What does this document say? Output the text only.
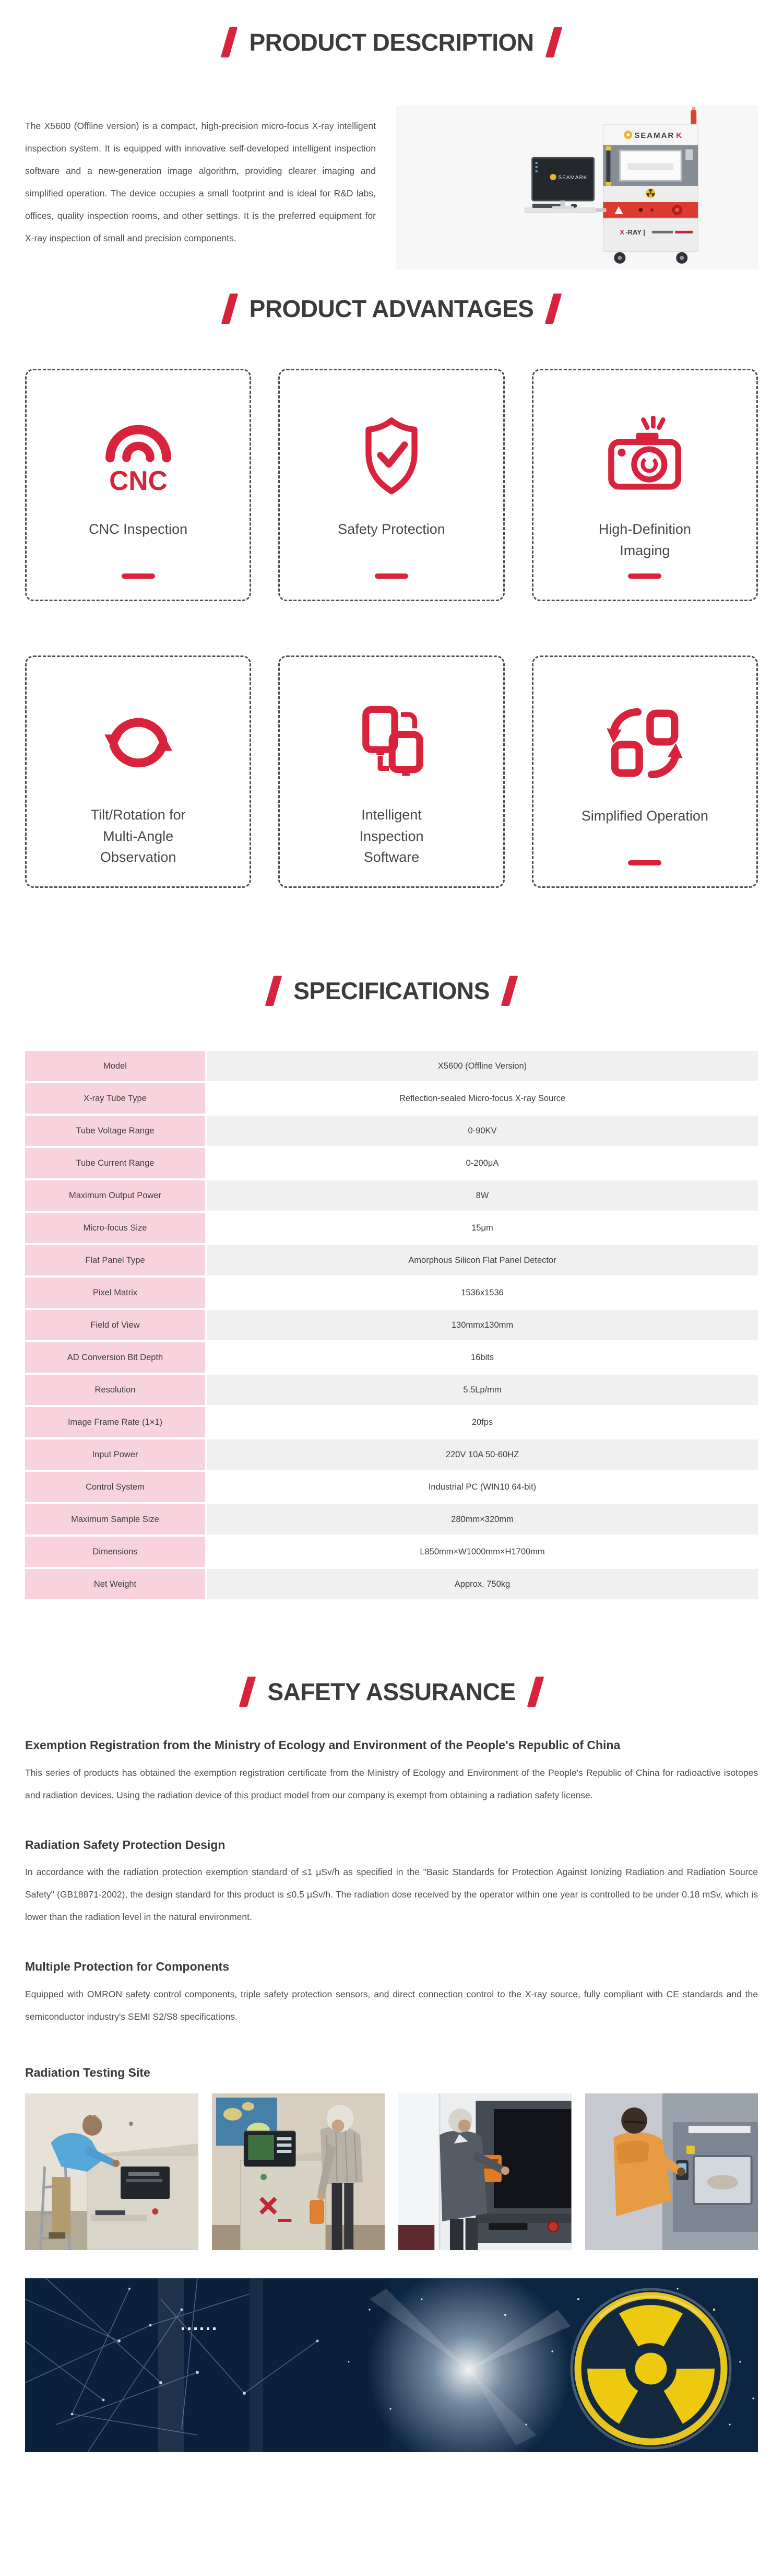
PRODUCT DESCRIPTION

The X5600 (Offline version) is a compact, high-precision micro-focus X-ray intelligent inspection system. It is equipped with innovative self-developed intelligent inspection software and a new-generation image algorithm, providing clearer imaging and simplified operation. The device occupies a small footprint and is ideal for R&D labs, offices, quality inspection rooms, and other settings. It is the preferred equipment for X-ray inspection of small and precision components.

SEAMAR K
X -RAY |
SEAMARK
PRODUCT ADVANTAGES
CNC Inspection	Safety Protection	High-Definition Imaging
Tilt/Rotation for Multi-Angle Observation
Intelligent Inspection Software
Simplified Operation
SPECIFICATIONS
Model	X5600 (Offline Version)
X-ray Tube Type	Reflection-sealed Micro-focus X-ray Source
Tube Voltage Range	0-90KV
Tube Current Range	0-200μA
Maximum Output Power	8W
Micro-focus Size	15μm
Flat Panel Type	Amorphous Silicon Flat Panel Detector
Pixel Matrix	1536x1536
Field of View	130mmx130mm
AD Conversion Bit Depth	16bits
Resolution	5.5Lp/mm
Image Frame Rate (1×1)	20fps
Input Power	220V 10A 50-60HZ
Control System	Industrial PC (WIN10 64-bit)
Maximum Sample Size	280mm×320mm
Dimensions	L850mm×W1000mm×H1700mm
Net Weight	Approx. 750kg
SAFETY ASSURANCE
Exemption Registration from the Ministry of Ecology and Environment of the People's Republic of China

This series of products has obtained the exemption registration certificate from the Ministry of Ecology and Environment of the People's Republic of China for radioactive isotopes and radiation devices. Using the radiation device of this product model from our company is exempt from obtaining a radiation safety license.

Radiation Safety Protection Design

In accordance with the radiation protection exemption standard of ≤1 μSv/h as specified in the "Basic Standards for Protection Against Ionizing Radiation and Radiation Source Safety" (GB18871-2002), the design standard for this product is ≤0.5 μSv/h. The radiation dose received by the operator within one year is controlled to be under 0.18 mSv, which is lower than the radiation level in the natural environment.

Multiple Protection for Components

Equipped with OMRON safety control components, triple safety protection sensors, and direct connection control to the X-ray source, fully compliant with CE standards and the semiconductor industry's SEMI S2/S8 specifications.

Radiation Testing Site
